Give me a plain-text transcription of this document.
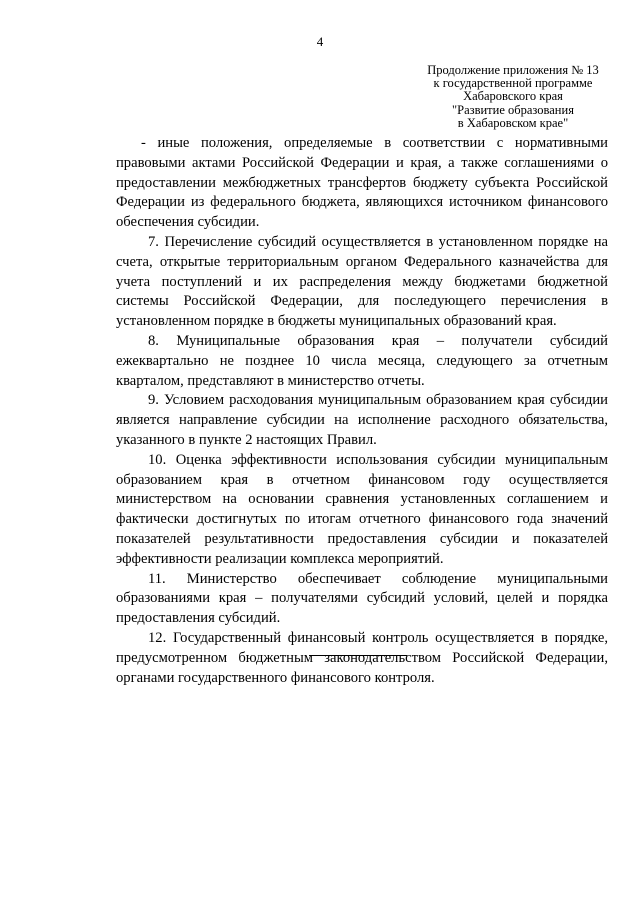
4
Продолжение приложения № 13
к государственной программе
Хабаровского края
"Развитие образования
в Хабаровском крае"

- иные положения, определяемые в соответствии с нормативными правовыми актами Российской Федерации и края, а также соглашениями о предоставлении межбюджетных трансфертов бюджету субъекта Российской Федерации из федерального бюджета, являющихся источником финансового обеспечения субсидии.

7. Перечисление субсидий осуществляется в установленном порядке на счета, открытые территориальным органом Федерального казначейства для учета поступлений и их распределения между бюджетами бюджетной системы Российской Федерации, для последующего перечисления в установленном порядке в бюджеты муниципальных образований края.

8. Муниципальные образования края – получатели субсидий ежеквартально не позднее 10 числа месяца, следующего за отчетным кварталом, представляют в министерство отчеты.

9. Условием расходования муниципальным образованием края субсидии является направление субсидии на исполнение расходного обязательства, указанного в пункте 2 настоящих Правил.

10. Оценка эффективности использования субсидии муниципальным образованием края в отчетном финансовом году осуществляется министерством на основании сравнения установленных соглашением и фактически достигнутых по итогам отчетного финансового года значений показателей результативности предоставления субсидии и показателей эффективности реализации комплекса мероприятий.

11. Министерство обеспечивает соблюдение муниципальными образованиями края – получателями субсидий условий, целей и порядка предоставления субсидий.

12. Государственный финансовый контроль осуществляется в порядке, предусмотренном бюджетным законодательством Российской Федерации, органами государственного финансового контроля.
